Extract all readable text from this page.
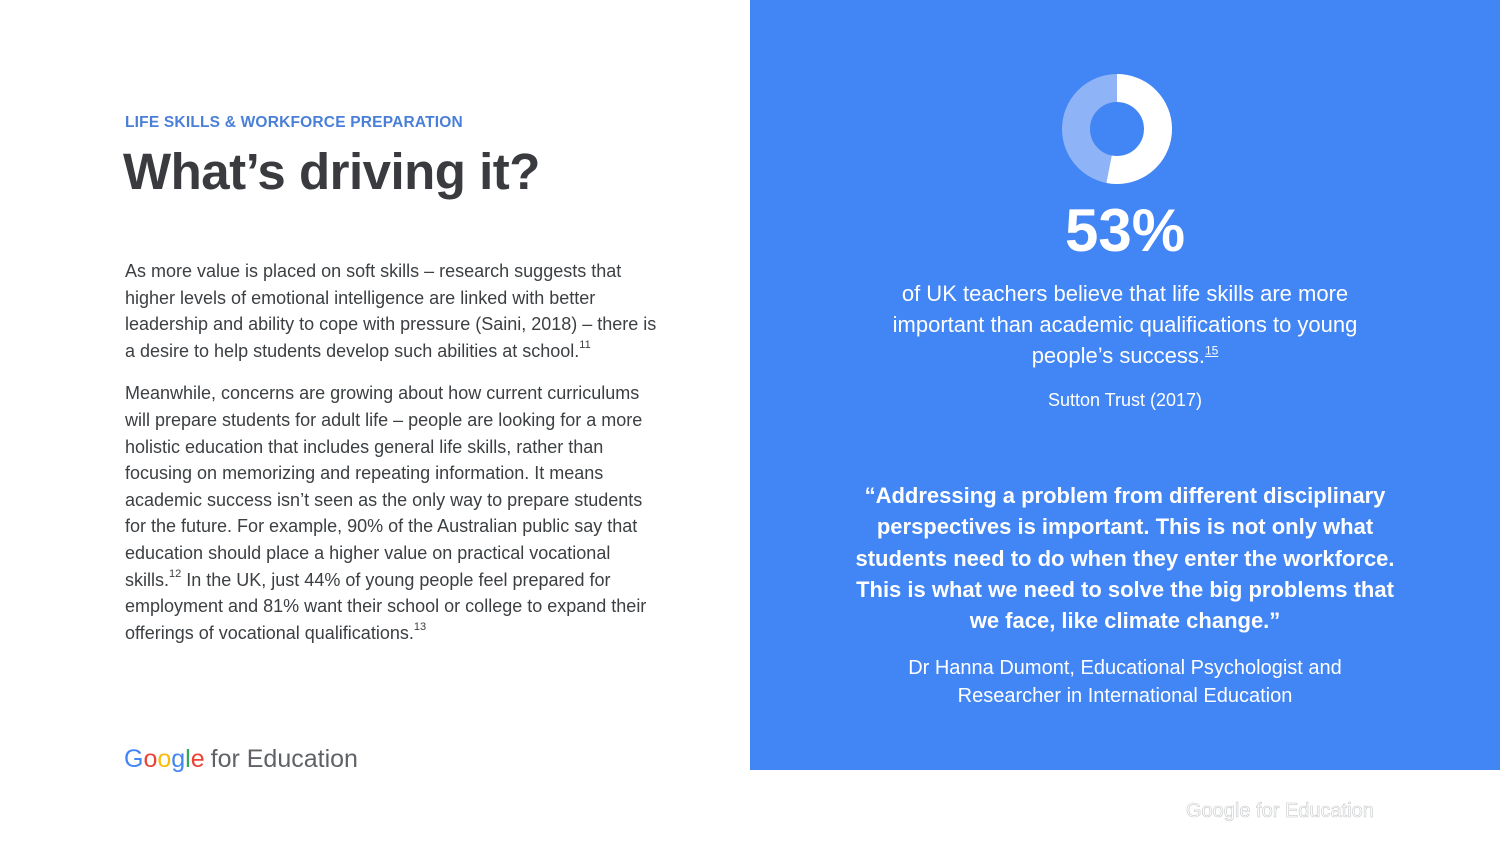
LIFE SKILLS & WORKFORCE PREPARATION
What’s driving it?

As more value is placed on soft skills – research suggests that higher levels of emotional intelligence are linked with better leadership and ability to cope with pressure (Saini, 2018) – there is a desire to help students develop such abilities at school.$^{11}$

Meanwhile, concerns are growing about how current curriculums will prepare students for adult life – people are looking for a more holistic education that includes general life skills, rather than focusing on memorizing and repeating information. It means academic success isn’t seen as the only way to prepare students for the future. For example, 90% of the Australian public say that education should place a higher value on practical vocational skills.$^{12}$ In the UK, just 44% of young people feel prepared for employment and 81% want their school or college to expand their offerings of vocational qualifications.$^{13}$

Google for Education
53%
of UK teachers believe that life skills are more important than academic qualifications to young people’s success.$^{15}$
Sutton Trust (2017)
“Addressing a problem from different disciplinary perspectives is important. This is not only what students need to do when they enter the workforce. This is what we need to solve the big problems that we face, like climate change.”
Dr Hanna Dumont, Educational Psychologist and Researcher in International Education
Google for Education
